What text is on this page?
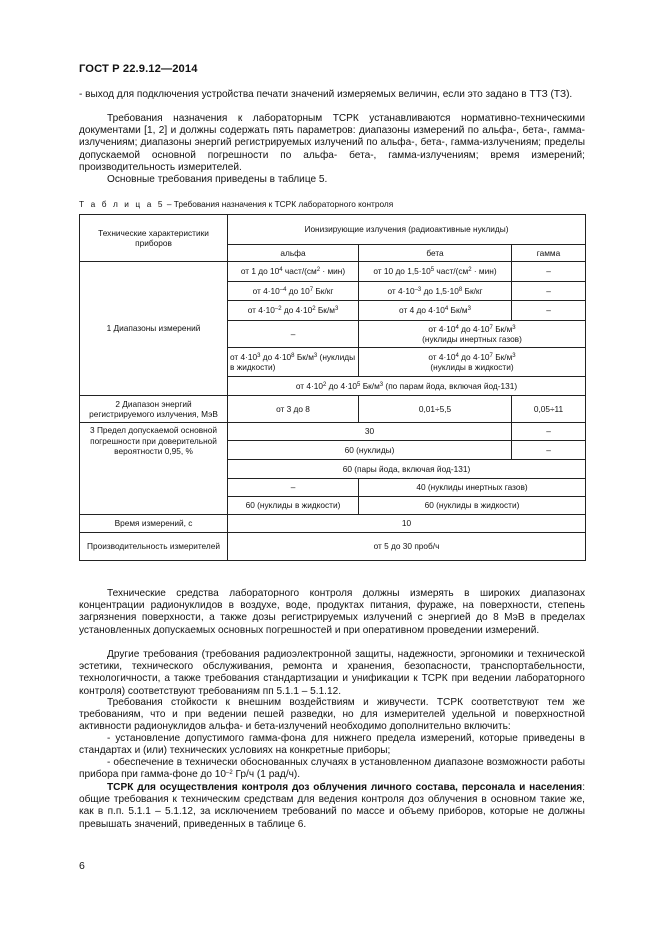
ГОСТ Р 22.9.12—2014

- выход для подключения устройства печати значений измеряемых величин, если это задано в ТТЗ (ТЗ).

Требования назначения к лабораторным ТСРК устанавливаются нормативно-техническими документами [1, 2] и должны содержать пять параметров: диапазоны измерений по альфа-, бета-, гамма-излучениям; диапазоны энергий регистрируемых излучений по альфа-, бета-, гамма-излучениям; пределы допускаемой основной погрешности по альфа- бета-, гамма-излучениям; время измерений; производительность измерителей.

Основные требования приведены в таблице 5.

Т а б л и ц а 5 – Требования назначения к ТСРК лабораторного контроля
Технические характеристики приборов	Ионизирующие излучения (радиоактивные нуклиды)		
	альфа	бета	гамма
1 Диапазоны измерений	от 1 до $10^4$ част/$(см^2 \cdot мин)$	от 10 до $1,5\cdot 10^5$ част/$(см^2 \cdot мин)$	–
	от $4\cdot 10^{-4}$ до $10^7$ Бк/кг	от $4\cdot 10^{-3}$ до $1,5\cdot 10^8$ Бк/кг	–
	от $4\cdot 10^{-2}$ до $4\cdot 10^2$ $Бк/м^3$	от 4 до $4\cdot 10^4$ $Бк/м^3$	–
	–	от $4\cdot 10^4$ до $4\cdot 10^7$ $Бк/м^3$
(нуклиды инертных газов)	
	от $4\cdot 10^3$ до $4\cdot 10^8$ $Бк/м^3$ (нуклиды в жидкости)	от $4\cdot 10^4$ до $4\cdot 10^7$ $Бк/м^3$
(нуклиды в жидкости)	
	от $4\cdot 10^2$ до $4\cdot 10^5$ $Бк/м^3$ (по парам йода, включая йод-131)		
2 Диапазон энергий регистрируемого излучения, МэВ	от 3 до 8	0,01÷5,5	0,05÷11
3 Предел допускаемой основной погрешности при доверительной вероятности 0,95, %	30		–
	60 (нуклиды)		–
	60 (пары йода, включая йод-131)		
	–	40 (нуклиды инертных газов)	
	60 (нуклиды в жидкости)	60 (нуклиды в жидкости)	
Время измерений, с	10		
Производительность измерителей	от 5 до 30 проб/ч		

Технические средства лабораторного контроля должны измерять в широких диапазонах концентрации радионуклидов в воздухе, воде, продуктах питания, фураже, на поверхности, степень загрязнения поверхности, а также дозы регистрируемых излучений с энергией до 8 МэВ в пределах установленных допускаемых основных погрешностей и при оперативном проведении измерений.

Другие требования (требования радиоэлектронной защиты, надежности, эргономики и технической эстетики, технического обслуживания, ремонта и хранения, безопасности, транспортабельности, технологичности, а также требования стандартизации и унификации к ТСРК при ведении лабораторного контроля) соответствуют требованиям пп 5.1.1 – 5.1.12.

Требования стойкости к внешним воздействиям и живучести. ТСРК соответствуют тем же требованиям, что и при ведении пешей разведки, но для измерителей удельной и поверхностной активности радионуклидов альфа- и бета-излучений необходимо дополнительно включить:

- установление допустимого гамма-фона для нижнего предела измерений, которые приведены в стандартах и (или) технических условиях на конкретные приборы;

- обеспечение в технически обоснованных случаях в установленном диапазоне возможности работы прибора при гамма-фоне до $10^{-2}$ Гр/ч (1 рад/ч).

ТСРК для осуществления контроля доз облучения личного состава, персонала и населения: общие требования к техническим средствам для ведения контроля доз облучения в основном такие же, как в п.п. 5.1.1 – 5.1.12, за исключением требований по массе и объему приборов, которые не должны превышать значений, приведенных в таблице 6.

6
